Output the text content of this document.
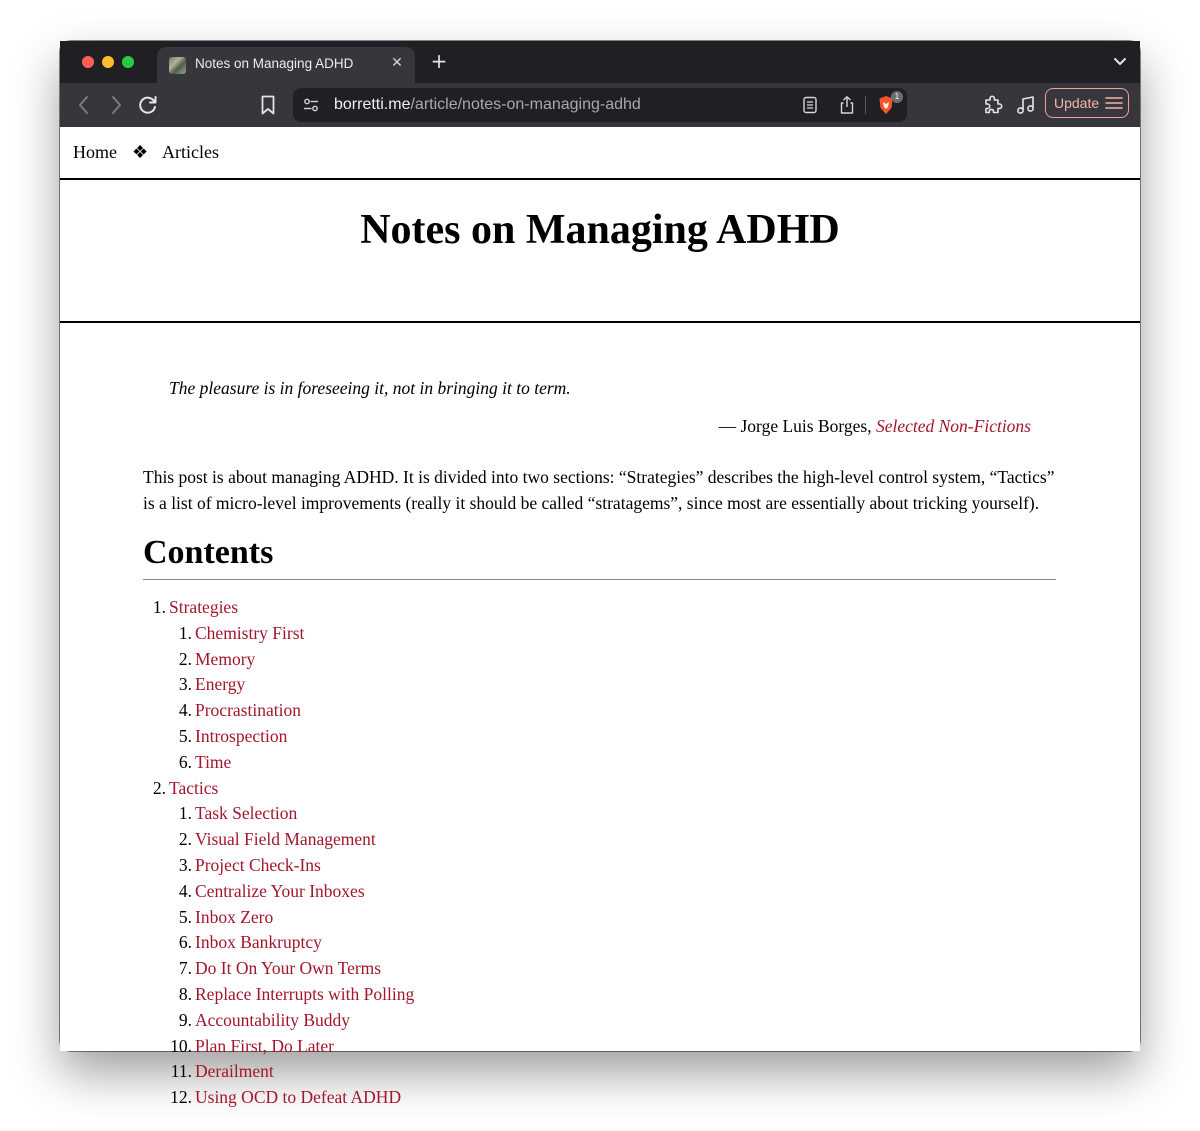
Notes on Managing ADHD	✕ +
borretti.me/article/notes-on-managing-adhd	1	Update
Home ❖ Articles
Notes on Managing ADHD
The pleasure is in foreseeing it, not in bringing it to term.
— Jorge Luis Borges, Selected Non-Fictions

This post is about managing ADHD. It is divided into two sections: “Strategies” describes the high-level control system, “Tactics” is a list of micro-level improvements (really it should be called “stratagems”, since most are essentially about tricking yourself).

Contents
1. Strategies
1. Chemistry First
2. Memory
3. Energy
4. Procrastination
5. Introspection
6. Time
2. Tactics
1. Task Selection
2. Visual Field Management
3. Project Check-Ins
4. Centralize Your Inboxes
5. Inbox Zero
6. Inbox Bankruptcy
7. Do It On Your Own Terms
8. Replace Interrupts with Polling
9. Accountability Buddy
10. Plan First, Do Later
11. Derailment
12. Using OCD to Defeat ADHD
